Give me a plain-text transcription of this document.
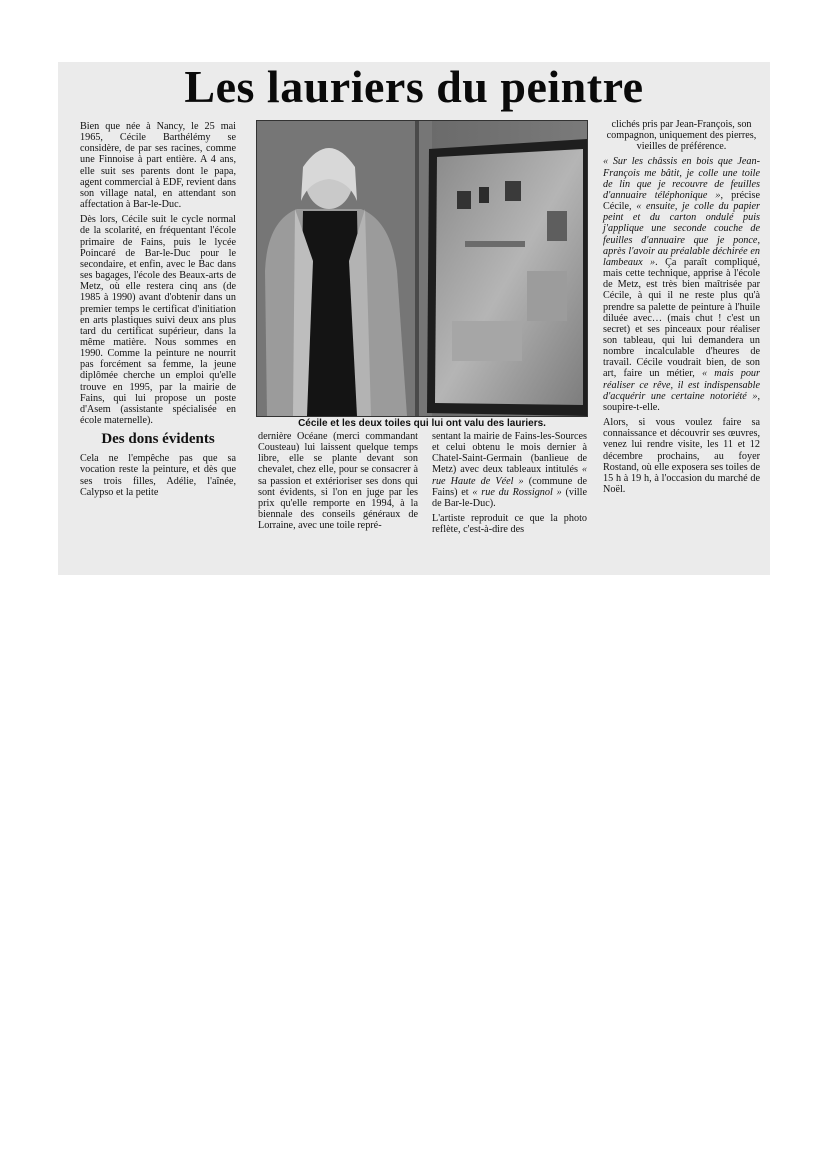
Les lauriers du peintre

Bien que née à Nancy, le 25 mai 1965, Cécile Barthélémy se considère, de par ses racines, comme une Finnoise à part entière. A 4 ans, elle suit ses parents dont le papa, agent commercial à EDF, revient dans son village natal, en attendant son affectation à Bar-le-Duc.

Dès lors, Cécile suit le cycle normal de la scolarité, en fréquentant l'école primaire de Fains, puis le lycée Poincaré de Bar-le-Duc pour le secondaire, et enfin, avec le Bac dans ses bagages, l'école des Beaux-arts de Metz, où elle restera cinq ans (de 1985 à 1990) avant d'obtenir dans un premier temps le certificat d'initiation en arts plastiques suivi deux ans plus tard du certificat supérieur, dans la même matière. Nous sommes en 1990. Comme la peinture ne nourrit pas forcément sa femme, la jeune diplômée cherche un emploi qu'elle trouve en 1995, par la mairie de Fains, qui lui propose un poste d'Asem (assistante spécialisée en école maternelle).

Des dons évidents

Cela ne l'empêche pas que sa vocation reste la peinture, et dès que ses trois filles, Adélie, l'aînée, Calypso et la petite

Cécile et les deux toiles qui lui ont valu des lauriers.

dernière Océane (merci commandant Cousteau) lui laissent quelque temps libre, elle se plante devant son chevalet, chez elle, pour se consacrer à sa passion et extérioriser ses dons qui sont évidents, si l'on en juge par les prix qu'elle remporte en 1994, à la biennale des conseils généraux de Lorraine, avec une toile repré-

sentant la mairie de Fains-les-Sources et celui obtenu le mois dernier à Chatel-Saint-Germain (banlieue de Metz) avec deux tableaux intitulés « rue Haute de Véel » (commune de Fains) et « rue du Rossignol » (ville de Bar-le-Duc).

L'artiste reproduit ce que la photo reflète, c'est-à-dire des

clichés pris par Jean-François, son compagnon, uniquement des pierres, vieilles de préférence.

« Sur les châssis en bois que Jean-François me bâtit, je colle une toile de lin que je recouvre de feuilles d'annuaire téléphonique », précise Cécile, « ensuite, je colle du papier peint et du carton ondulé puis j'applique une seconde couche de feuilles d'annuaire que je ponce, après l'avoir au préalable déchirée en lambeaux ». Ça paraît compliqué, mais cette technique, apprise à l'école de Metz, est très bien maîtrisée par Cécile, à qui il ne reste plus qu'à prendre sa palette de peinture à l'huile diluée avec… (mais chut ! c'est un secret) et ses pinceaux pour réaliser son tableau, qui lui demandera un nombre incalculable d'heures de travail. Cécile voudrait bien, de son art, faire un métier, « mais pour réaliser ce rêve, il est indispensable d'acquérir une certaine notoriété », soupire-t-elle.

Alors, si vous voulez faire sa connaissance et découvrir ses œuvres, venez lui rendre visite, les 11 et 12 décembre prochains, au foyer Rostand, où elle exposera ses toiles de 15 h à 19 h, à l'occasion du marché de Noël.
